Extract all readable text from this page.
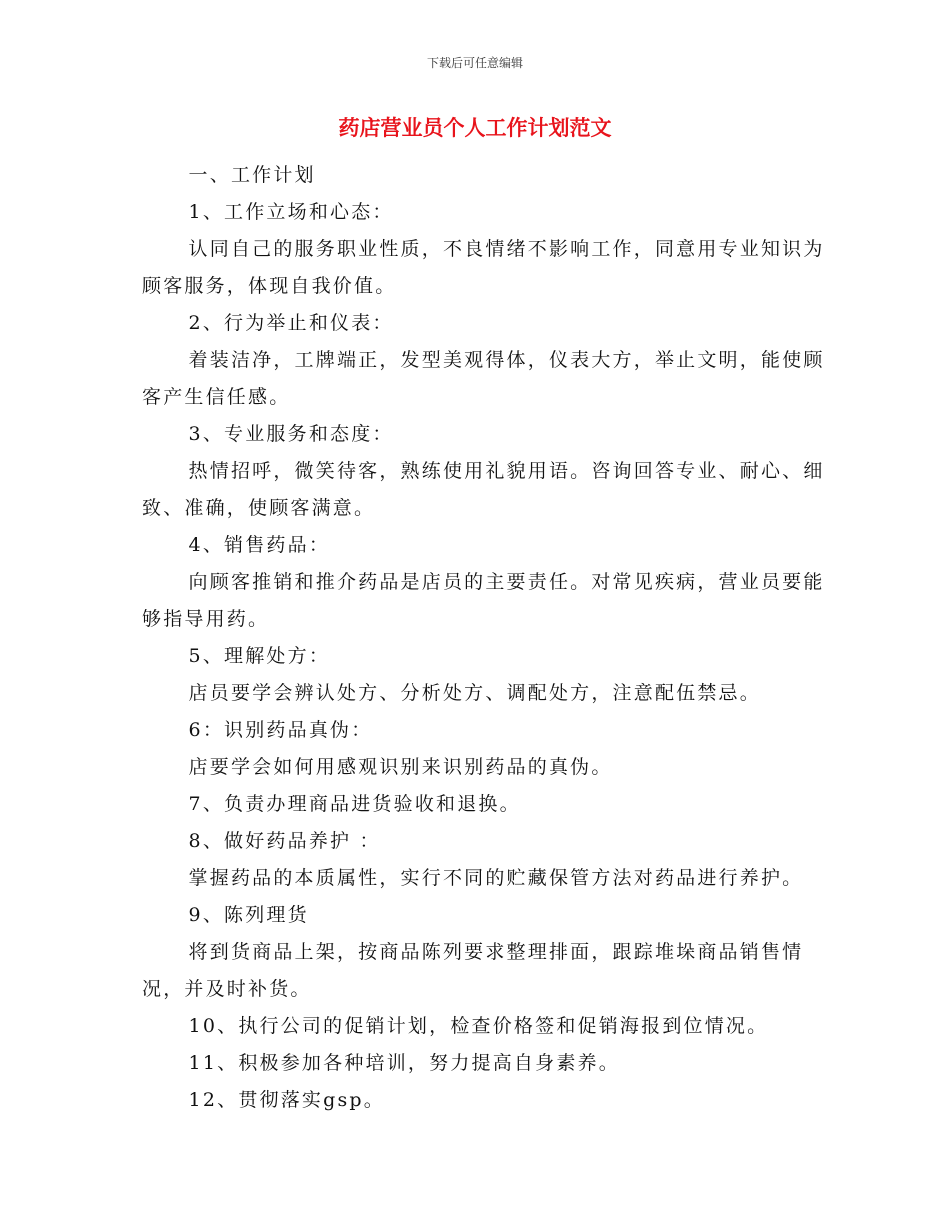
下载后可任意编辑
药店营业员个人工作计划范文

一、工作计划

1、工作立场和心态：

认同自己的服务职业性质，不良情绪不影响工作，同意用专业知识为顾客服务，体现自我价值。

2、行为举止和仪表：

着装洁净，工牌端正，发型美观得体，仪表大方，举止文明，能使顾客产生信任感。

3、专业服务和态度：

热情招呼，微笑待客，熟练使用礼貌用语。咨询回答专业、耐心、细致、准确，使顾客满意。

4、销售药品：

向顾客推销和推介药品是店员的主要责任。对常见疾病，营业员要能够指导用药。

5、理解处方：

店员要学会辨认处方、分析处方、调配处方，注意配伍禁忌。

6：识别药品真伪：

店要学会如何用感观识别来识别药品的真伪。

7、负责办理商品进货验收和退换。

8、做好药品养护 ：

掌握药品的本质属性，实行不同的贮藏保管方法对药品进行养护。

9、陈列理货

将到货商品上架，按商品陈列要求整理排面，跟踪堆垛商品销售情况，并及时补货。

10、执行公司的促销计划，检查价格签和促销海报到位情况。

11、积极参加各种培训，努力提高自身素养。

12、贯彻落实gsp。
